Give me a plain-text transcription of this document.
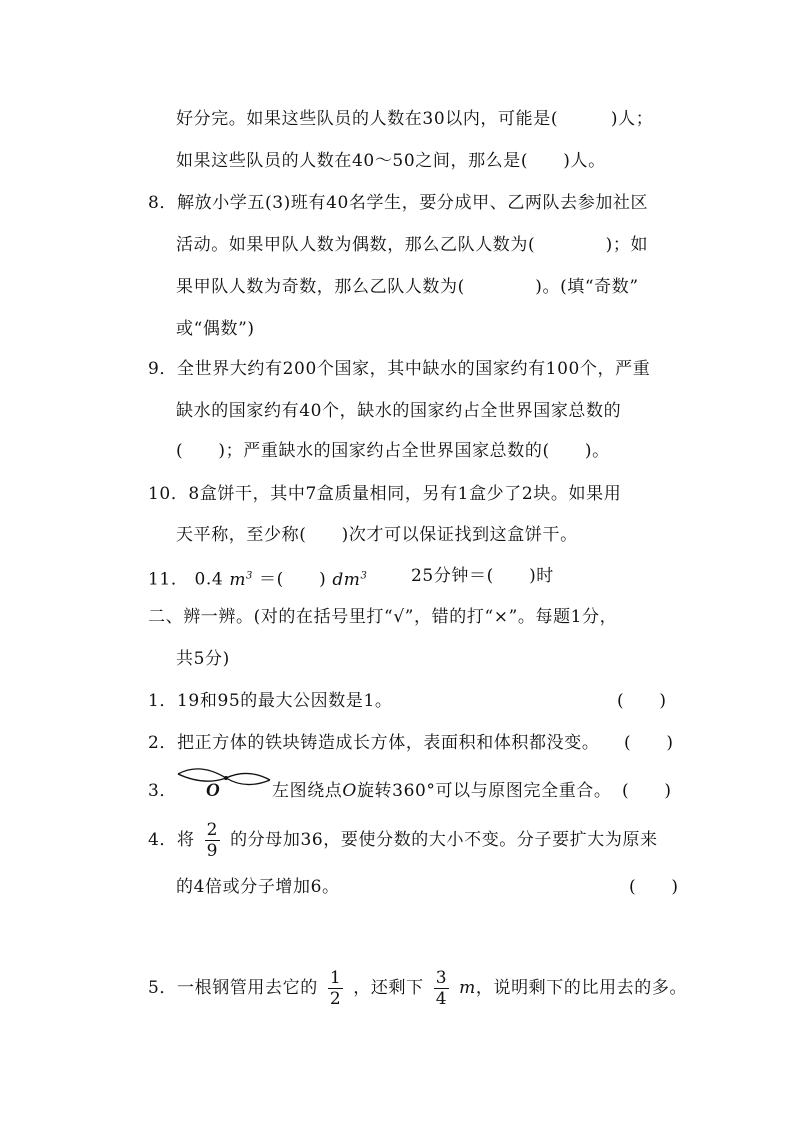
好分完。如果这些队员的人数在30以内，可能是(　　　)人；
如果这些队员的人数在40～50之间，那么是(　　)人。
8．解放小学五(3)班有40名学生，要分成甲、乙两队去参加社区
活动。如果甲队人数为偶数，那么乙队人数为(　　　　)；如
果甲队人数为奇数，那么乙队人数为(　　　　)。(填“奇数”
或“偶数”)
9．全世界大约有200个国家，其中缺水的国家约有100个，严重
缺水的国家约有40个，缺水的国家约占全世界国家总数的
(　　)；严重缺水的国家约占全世界国家总数的(　　)。
10．8盒饼干，其中7盒质量相同，另有1盒少了2块。如果用
天平称，至少称(　　)次才可以保证找到这盒饼干。
11． 0.4 $m^3$ ＝(　　) $dm^3$	25分钟＝(　　)时
二、辨一辨。(对的在括号里打“√”，错的打“×”。每题1分，
共5分)
1．19和95的最大公因数是1。	(　　)
2．把正方体的铁块铸造成长方体，表面积和体积都没变。 (　　)
3． O	左图绕点O旋转360°可以与原图完全重合。 (　　)
4．将 $\frac{2}{9}$ 的分母加36，要使分数的大小不变。分子要扩大为原来
的4倍或分子增加6。	(　　)
5．一根钢管用去它的 $\frac{1}{2}$ ，还剩下 $\frac{3}{4}$ m，说明剩下的比用去的多。
